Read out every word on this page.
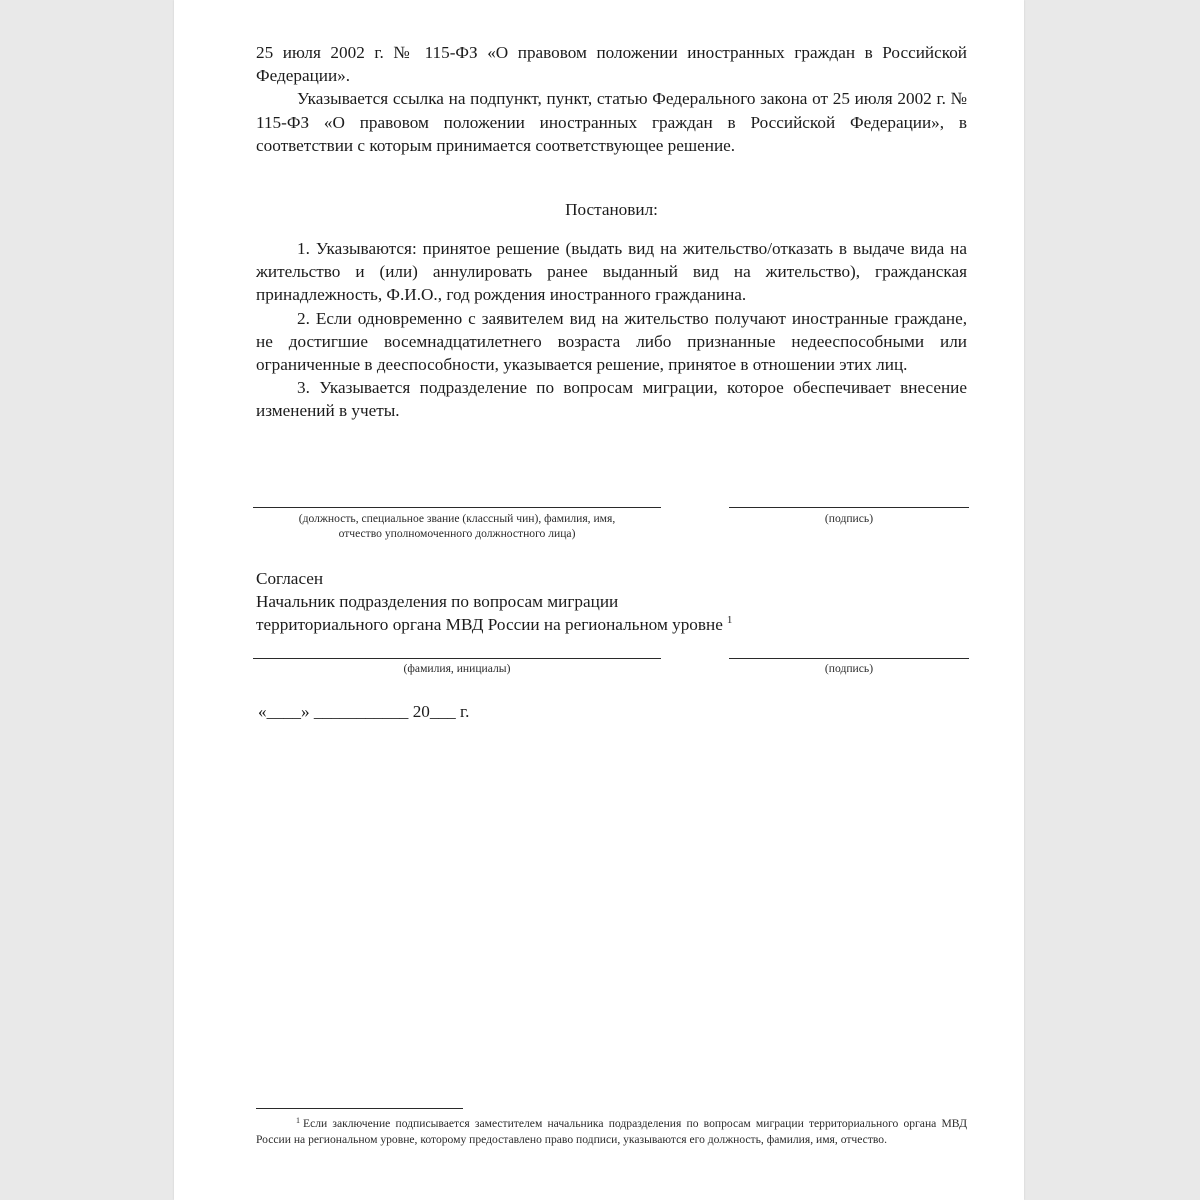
25 июля 2002 г. № 115-ФЗ «О правовом положении иностранных граждан в Российской Федерации».

Указывается ссылка на подпункт, пункт, статью Федерального закона от 25 июля 2002 г. № 115-ФЗ «О правовом положении иностранных граждан в Российской Федерации», в соответствии с которым принимается соответствующее решение.

Постановил:

1. Указываются: принятое решение (выдать вид на жительство/отказать в выдаче вида на жительство и (или) аннулировать ранее выданный вид на жительство), гражданская принадлежность, Ф.И.О., год рождения иностранного гражданина.

2. Если одновременно с заявителем вид на жительство получают иностранные граждане, не достигшие восемнадцатилетнего возраста либо признанные недееспособными или ограниченные в дееспособности, указывается решение, принятое в отношении этих лиц.

3. Указывается подразделение по вопросам миграции, которое обеспечивает внесение изменений в учеты.

(должность, специальное звание (классный чин), фамилия, имя,
отчество уполномоченного должностного лица)
(подпись)
Согласен
Начальник подразделения по вопросам миграции
территориального органа МВД России на региональном уровне $^1$
(фамилия, инициалы)	(подпись)
«____» ___________ 20___ г.

$^1$ Если заключение подписывается заместителем начальника подразделения по вопросам миграции территориального органа МВД России на региональном уровне, которому предоставлено право подписи, указываются его должность, фамилия, имя, отчество.
